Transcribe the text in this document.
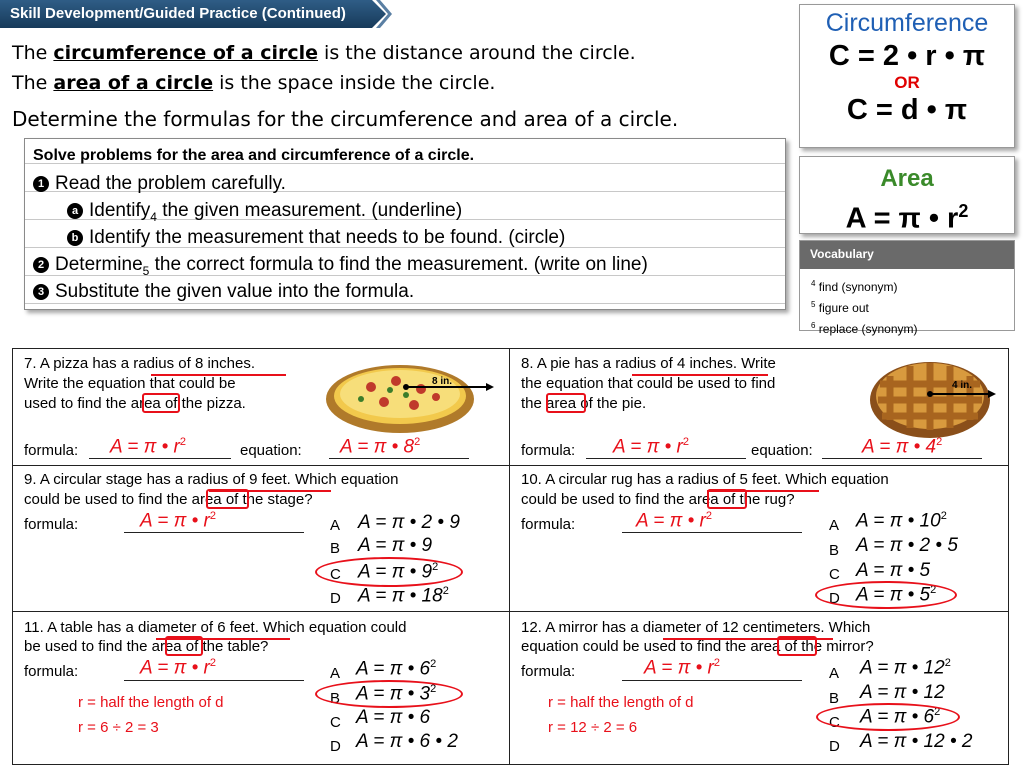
Skill Development/Guided Practice (Continued)
The circumference of a circle is the distance around the circle.
The area of a circle is the space inside the circle.
Determine the formulas for the circumference and area of a circle.
Solve problems for the area and circumference of a circle.
1 Read the problem carefully.
a Identify$_4$ the given measurement. (underline)
b Identify the measurement that needs to be found. (circle)
2 Determine$_5$ the correct formula to find the measurement. (write on line)
3 Substitute the given value into the formula.
Circumference
C = 2 • r • π
OR
C = d • π
Area
A = π • $r^2$
Vocabulary
$^4$ find (synonym)
$^5$ figure out
$^6$ replace (synonym)
7. A pizza has a radius of 8 inches.
Write the equation that could be
used to find the area of the pizza.
8 in.
formula: A = π • $r^2$	equation: A = π • $8^2$
8. A pie has a radius of 4 inches. Write
the equation that could be used to find
the area of the pie.
4 in.
formula: A = π • $r^2$	equation:	A = π • $4^2$
9. A circular stage has a radius of 9 feet. Which equation
could be used to find the area of the stage?
formula:	A = π • $r^2$
A A = π • 2 • 9
B A = π • 9
C A = π • $9^2$
D A = π • $18^2$
10. A circular rug has a radius of 5 feet. Which equation
could be used to find the area of the rug?
formula:	A = π • $r^2$
A A = π • $10^2$
B A = π • 2 • 5
C A = π • 5
D A = π • $5^2$
11. A table has a diameter of 6 feet. Which equation could
be used to find the area of the table?
formula:	A = π • $r^2$
r = half the length of d
r = 6 ÷ 2 = 3
A A = π • $6^2$
B A = π • $3^2$
C A = π • 6
D A = π • 6 • 2
12. A mirror has a diameter of 12 centimeters. Which
equation could be used to find the area of the mirror?
formula:	A = π • $r^2$
r = half the length of d
r = 12 ÷ 2 = 6
A A = π • $12^2$
B A = π • 12
C A = π • $6^2$
D A = π • 12 • 2
